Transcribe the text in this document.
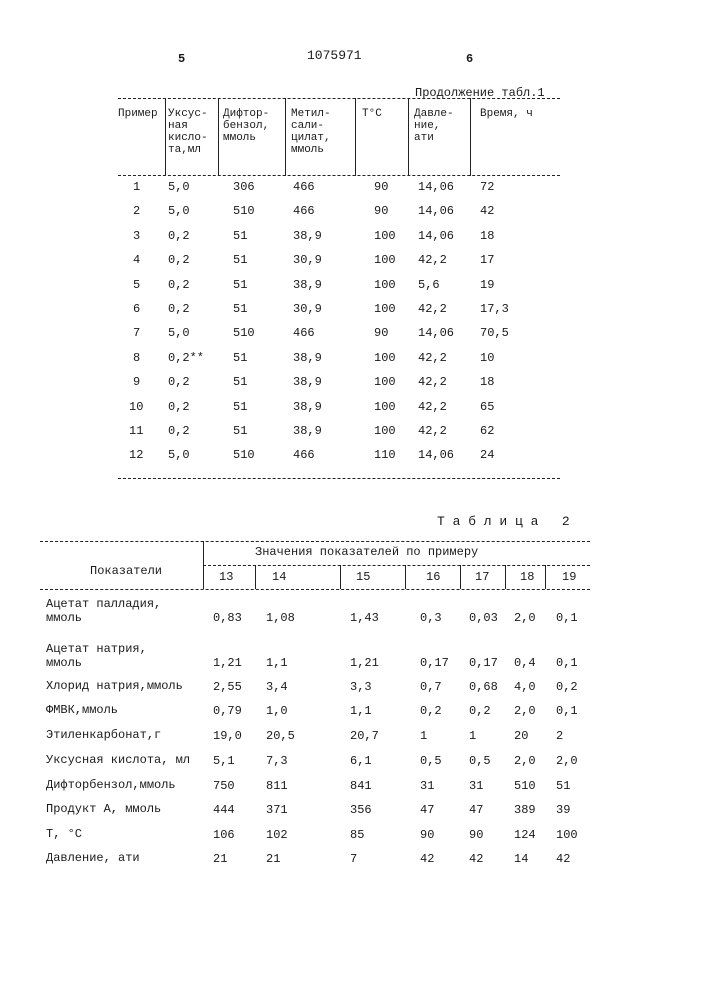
5	1075971	6
Продолжение табл.1
Т а б л и ц а   2
Пример Уксус-
ная
кисло-
та,мл
Дифтор-
бензол,
ммоль
Метил-
сали-
цилат,
ммоль
T°C	Давле-
ние,
ати
Время, ч
1 5,0	306	466	90 14,06 72
2 5,0	510	466	90 14,06 42
3 0,2	51	38,9	100 14,06 18
4 0,2	51	30,9	100 42,2	17
5 0,2	51	38,9	100 5,6	19
6 0,2	51	30,9	100 42,2	17,3
7 5,0	510	466	90 14,06 70,5
8 0,2** 51	38,9	100 42,2	10
9 0,2	51	38,9	100 42,2	18
10 0,2	51	38,9	100 42,2	65
11 0,2	51	38,9	100 42,2	62
12 5,0	510	466	110 14,06 24
Показатели
Значения показателей по примеру
13	14	15	16	17	18 19
Ацетат палладия,
ммоль	0,83 1,08	1,43	0,3 0,03 2,0 0,1
Ацетат натрия,
ммоль	1,21 1,1	1,21	0,17 0,17 0,4 0,1
Хлорид натрия,ммоль	2,55 3,4	3,3	0,7 0,68 4,0 0,2
ФМВК,ммоль	0,79 1,0	1,1	0,2 0,2 2,0 0,1
Этиленкарбонат,г	19,0 20,5	20,7	1	1	20 2
Уксусная кислота, мл 5,1	7,3	6,1	0,5 0,5 2,0 2,0
Дифторбензол,ммоль	750	811	841	31	31	510 51
Продукт А, ммоль	444	371	356	47	47	389 39
Т, °С	106	102	85	90	90	124 100
Давление, ати	21	21	7	42	42	14 42
